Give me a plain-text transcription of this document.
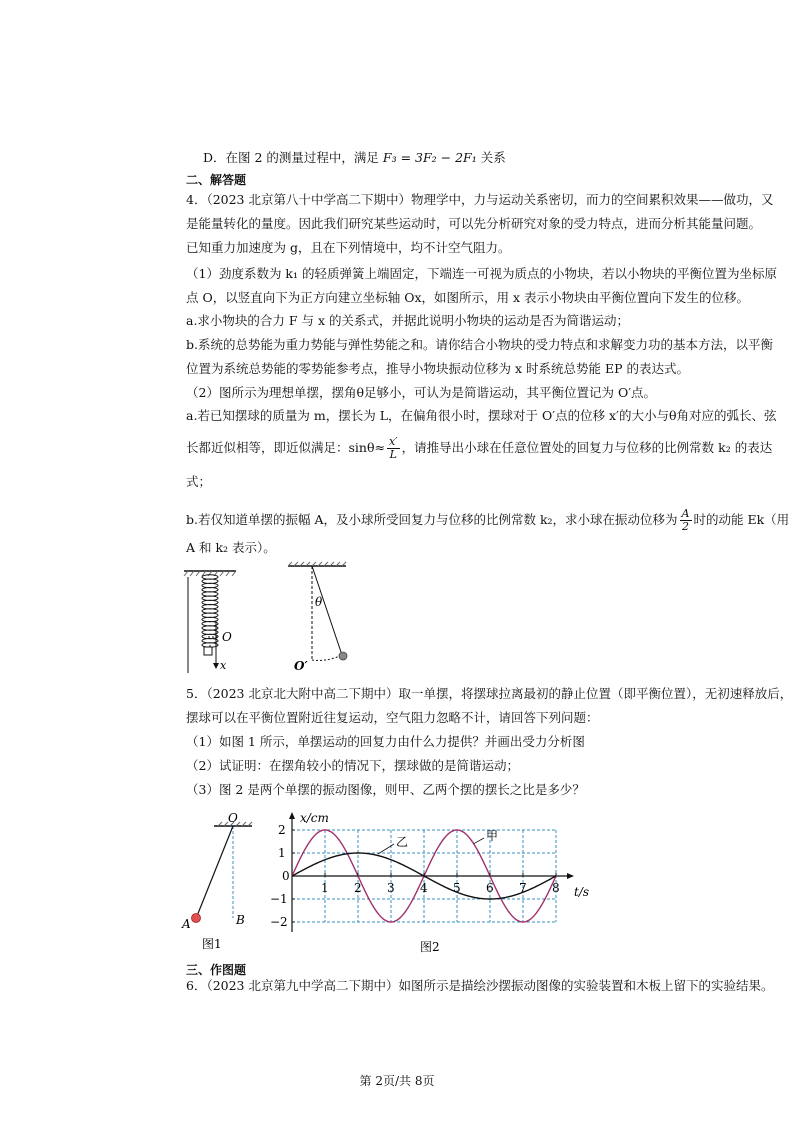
D．在图 2 的测量过程中，满足 F₃ = 3F₂ − 2F₁ 关系
二、解答题
4．（2023 北京第八十中学高二下期中）物理学中，力与运动关系密切，而力的空间累积效果——做功，又
是能量转化的量度。因此我们研究某些运动时，可以先分析研究对象的受力特点，进而分析其能量问题。
已知重力加速度为 g，且在下列情境中，均不计空气阻力。
（1）劲度系数为 k₁ 的轻质弹簧上端固定，下端连一可视为质点的小物块，若以小物块的平衡位置为坐标原
点 O，以竖直向下为正方向建立坐标轴 Ox，如图所示，用 x 表示小物块由平衡位置向下发生的位移。
a.求小物块的合力 F 与 x 的关系式，并据此说明小物块的运动是否为简谐运动；
b.系统的总势能为重力势能与弹性势能之和。请你结合小物块的受力特点和求解变力功的基本方法，以平衡
位置为系统总势能的零势能参考点，推导小物块振动位移为 x 时系统总势能 EP 的表达式。
（2）图所示为理想单摆，摆角θ足够小，可认为是简谐运动，其平衡位置记为 O′点。
a.若已知摆球的质量为 m，摆长为 L，在偏角很小时，摆球对于 O′点的位移 x′的大小与θ角对应的弧长、弦
长都近似相等，即近似满足：$\sin\theta\approx \frac{x'}{L}$ ，请推导出小球在任意位置处的回复力与位移的比例常数 k₂ 的表达
式；
b.若仅知道单摆的振幅 A，及小球所受回复力与位移的比例常数 k₂，求小球在振动位移为 $\frac{A}{2}$ 时的动能 Ek（用
A 和 k₂ 表示）。
O
x
θ
O′
5．（2023 北京北大附中高二下期中）取一单摆，将摆球拉离最初的静止位置（即平衡位置），无初速释放后，
摆球可以在平衡位置附近往复运动，空气阻力忽略不计，请回答下列问题：
（1）如图 1 所示，单摆运动的回复力由什么力提供？并画出受力分析图
（2）试证明：在摆角较小的情况下，摆球做的是简谐运动；
（3）图 2 是两个单摆的振动图像，则甲、乙两个摆的摆长之比是多少？
O
A	B
图1
1 2 3 4 5 6 7 8
2
1
−1
−2
x/cm
t/s
0
乙	甲
图2
三、作图题
6．（2023 北京第九中学高二下期中）如图所示是描绘沙摆振动图像的实验装置和木板上留下的实验结果。
第 2页/共 8页
